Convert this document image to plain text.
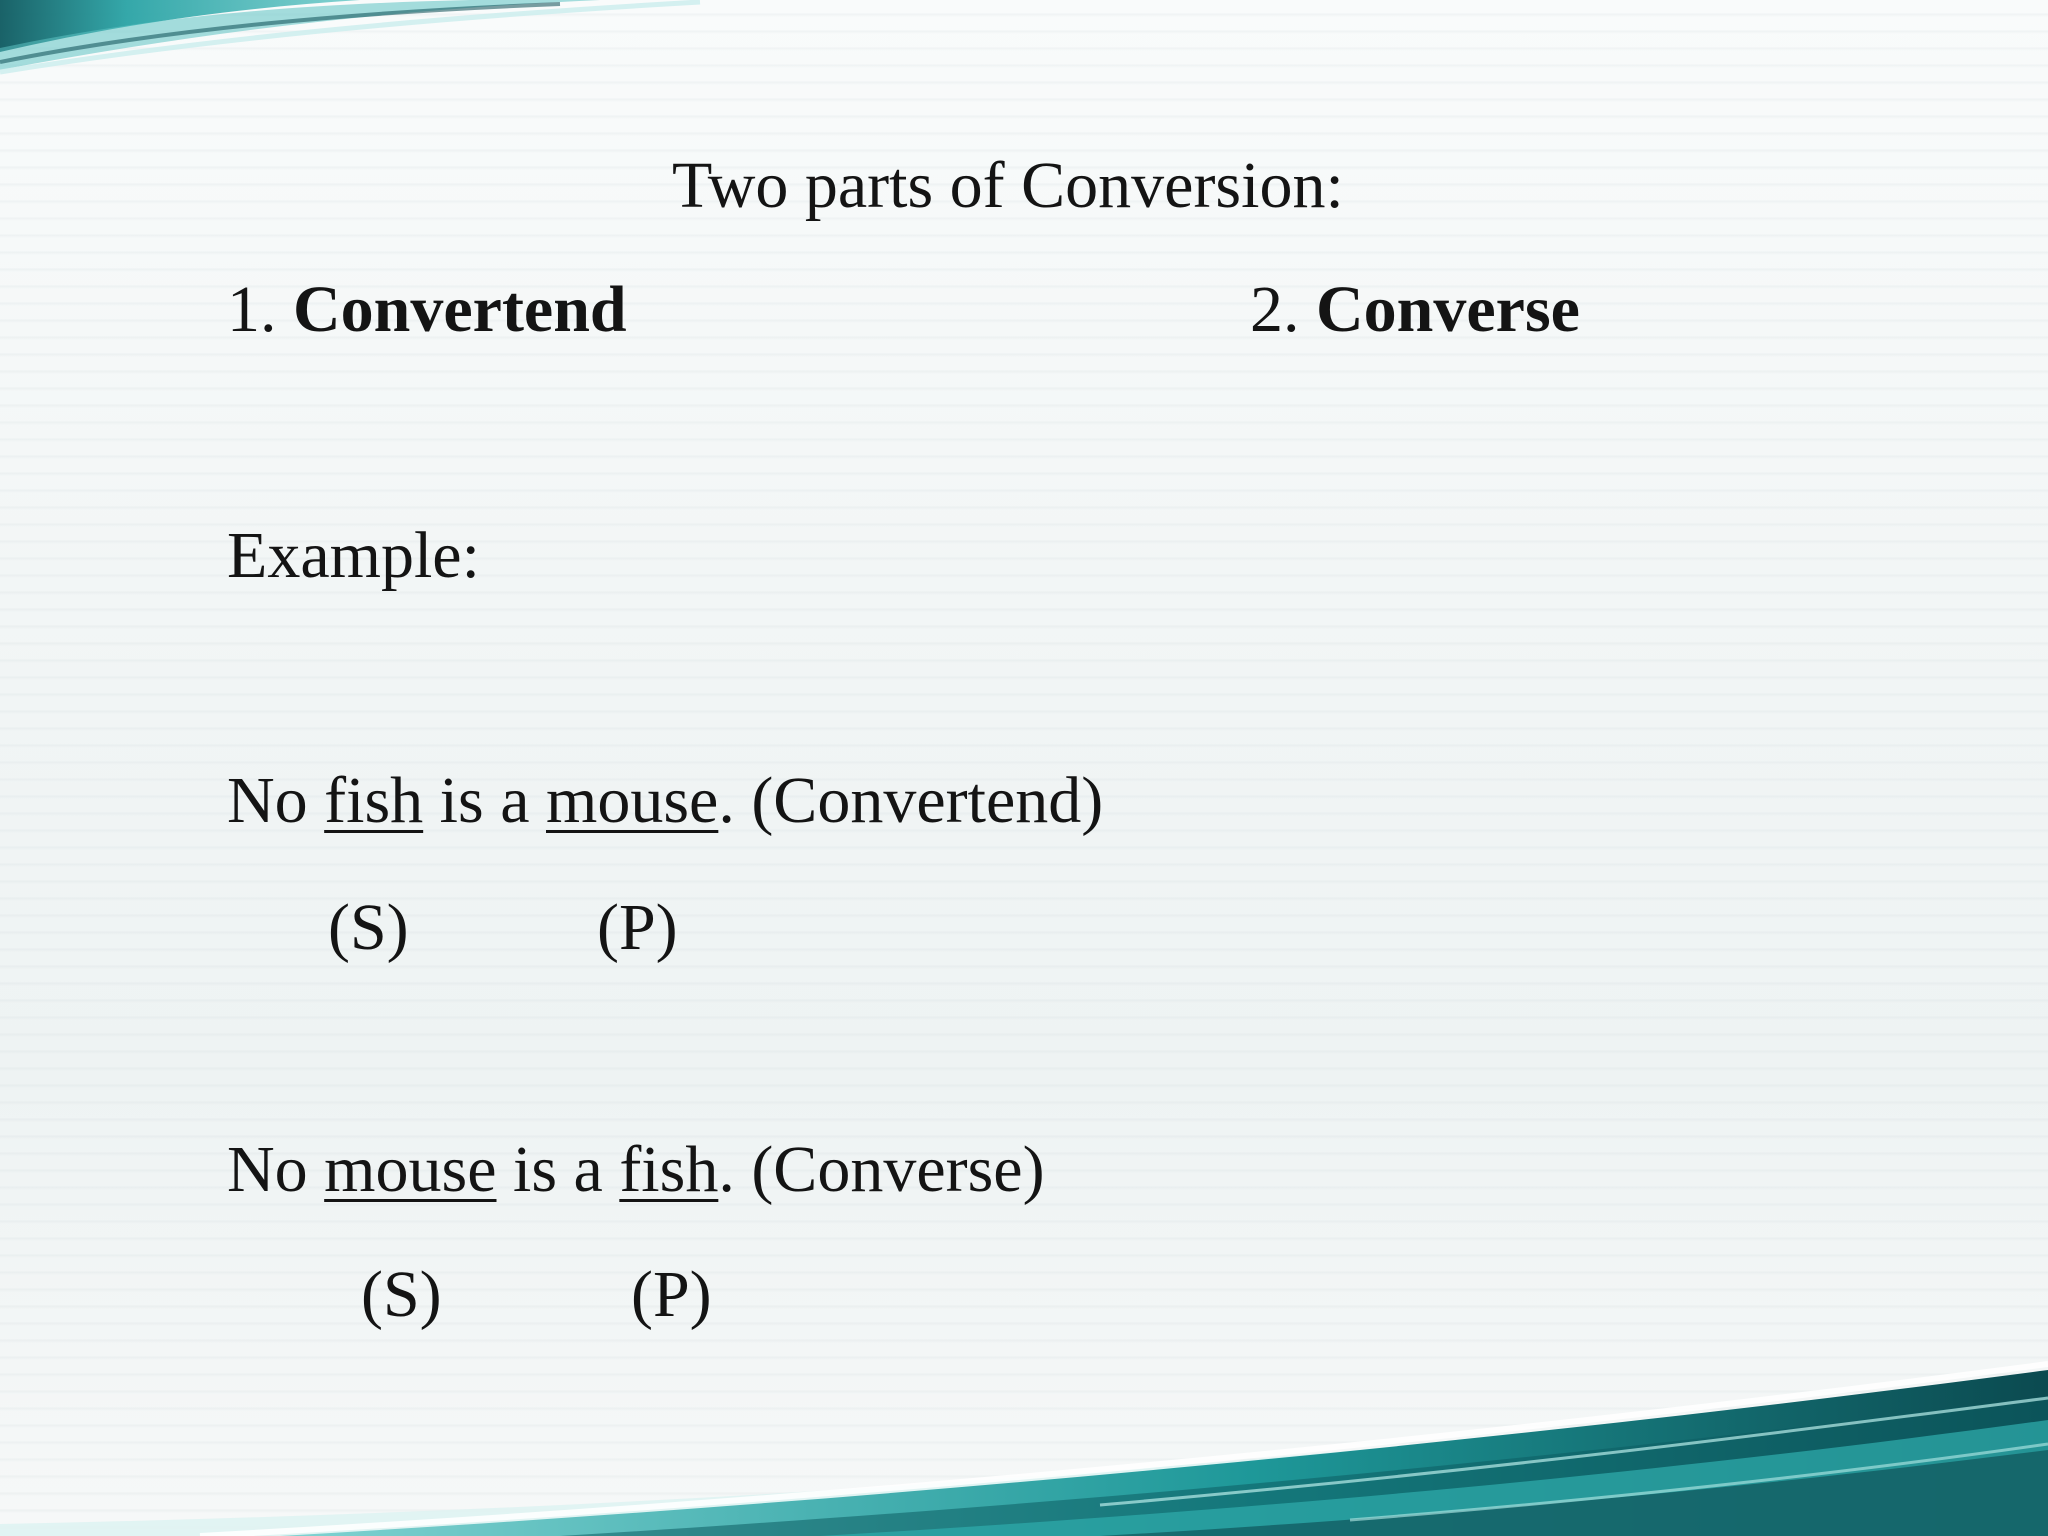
Two parts of Conversion:
1. Convertend	2. Converse
Example:
No fish is a mouse. (Convertend)
(S)	(P)
No mouse is a fish. (Converse)
(S)	(P)
